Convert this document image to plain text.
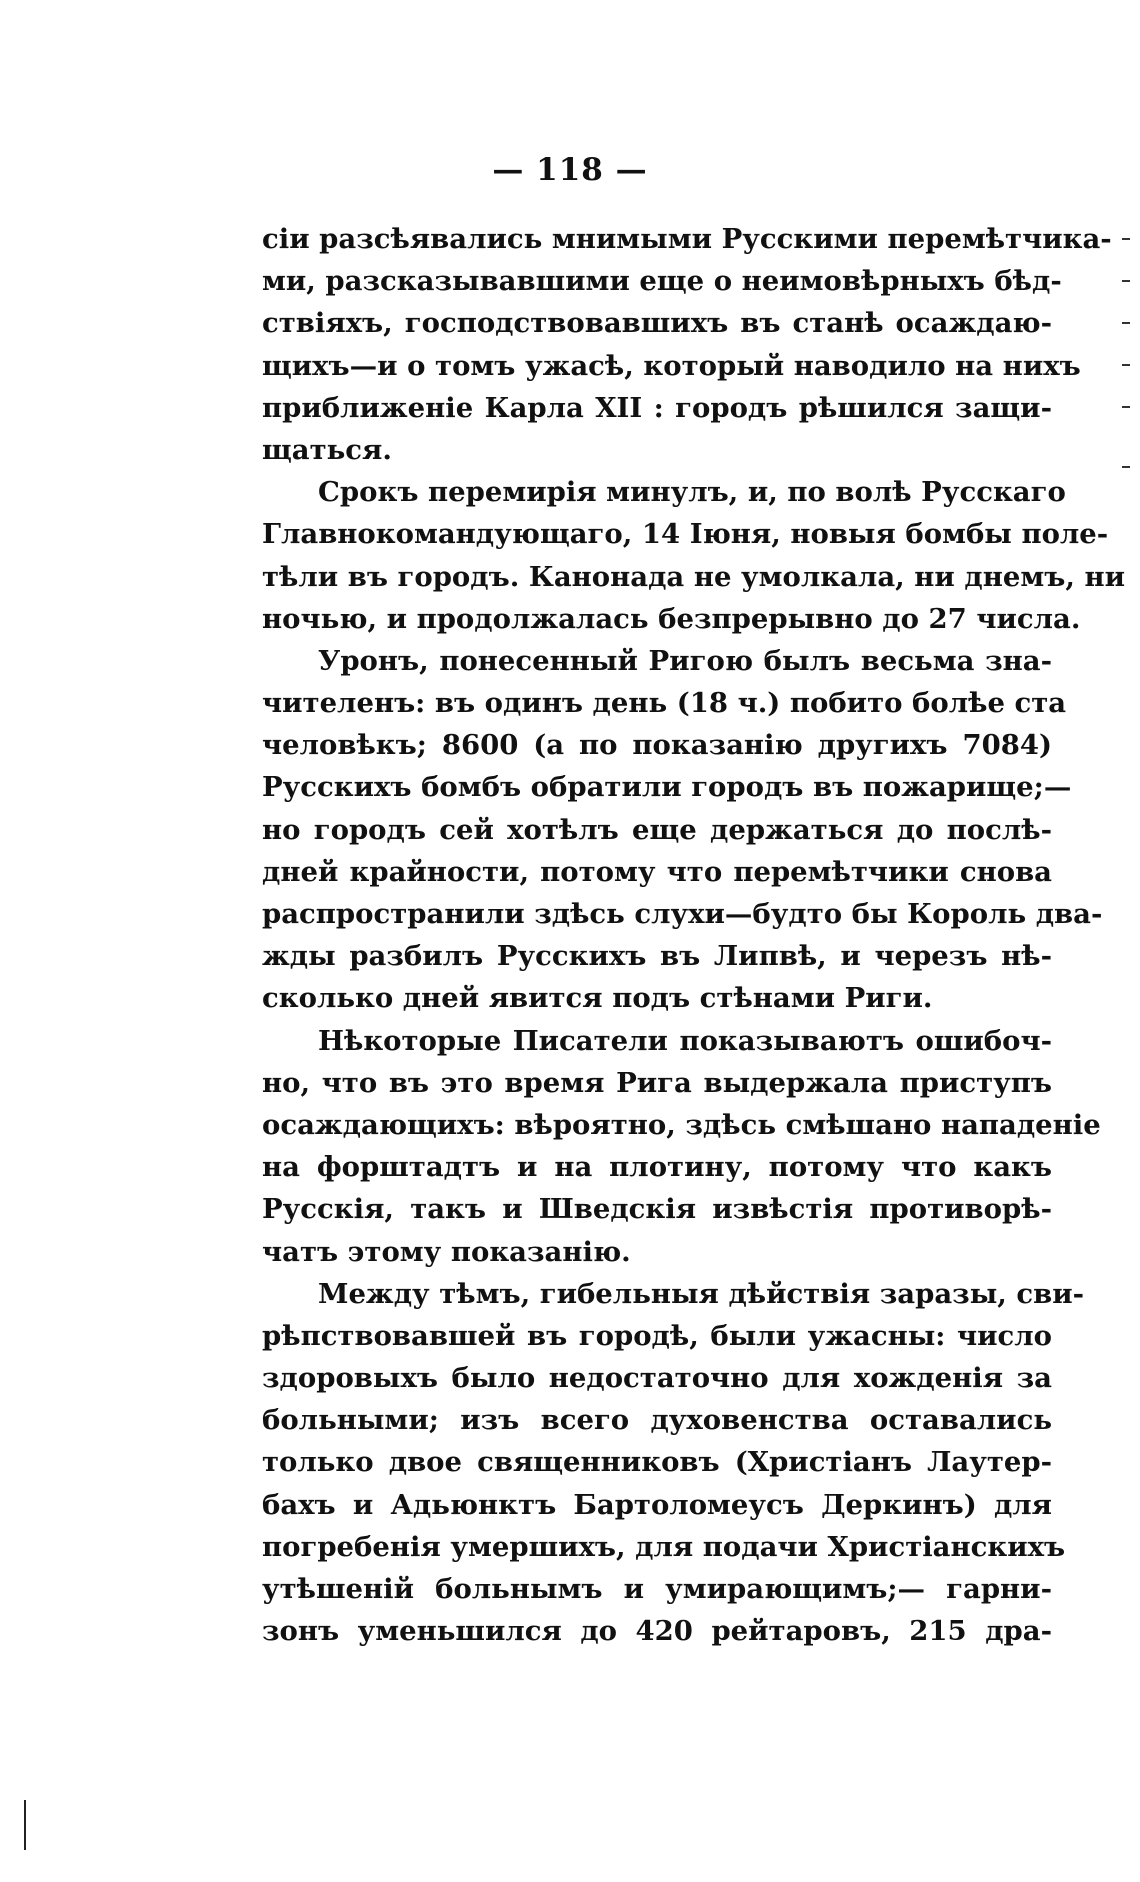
— 118 —
сiи разсѣявались мнимыми Русскими перемѣтчика-
ми, разсказывавшими еще о неимовѣрныхъ бѣд-
ствiяхъ, господствовавшихъ въ станѣ осаждаю-
щихъ—и о томъ ужасѣ, который наводило на нихъ
приближенiе Карла XII : городъ рѣшился защи-
щаться.
Срокъ перемирiя минулъ, и, по волѣ Русскаго
Главнокомандующаго, 14 Iюня, новыя бомбы поле-
тѣли въ городъ. Канонада не умолкала, ни днемъ, ни
ночью, и продолжалась безпрерывно до 27 числа.
Уронъ, понесенный Ригою былъ весьма зна-
чителенъ: въ одинъ день (18 ч.) побито болѣе ста
человѣкъ; 8600 (а по показанiю другихъ 7084)
Русскихъ бомбъ обратили городъ въ пожарище;—
но городъ сей хотѣлъ еще держаться до послѣ-
дней крайности, потому что перемѣтчики снова
распространили здѣсь слухи—будто бы Король два-
жды разбилъ Русскихъ въ Липвѣ, и черезъ нѣ-
сколько дней явится подъ стѣнами Риги.
Нѣкоторые Писатели показываютъ ошибоч-
но, что въ это время Рига выдержала приступъ
осаждающихъ: вѣроятно, здѣсь смѣшано нападенiе
на форштадтъ и на плотину, потому что какъ
Русскiя, такъ и Шведскiя извѣстiя противорѣ-
чатъ этому показанiю.
Между тѣмъ, гибельныя дѣйствiя заразы, сви-
рѣпствовавшей въ городѣ, были ужасны: число
здоровыхъ было недостаточно для хожденiя за
больными; изъ всего духовенства оставались
только двое священниковъ (Христiанъ Лаутер-
бахъ и Адьюнктъ Бартоломеусъ Деркинъ) для
погребенiя умершихъ, для подачи Христiанскихъ
утѣшенiй больнымъ и умирающимъ;— гарни-
зонъ уменьшился до 420 рейтаровъ, 215 дра-
